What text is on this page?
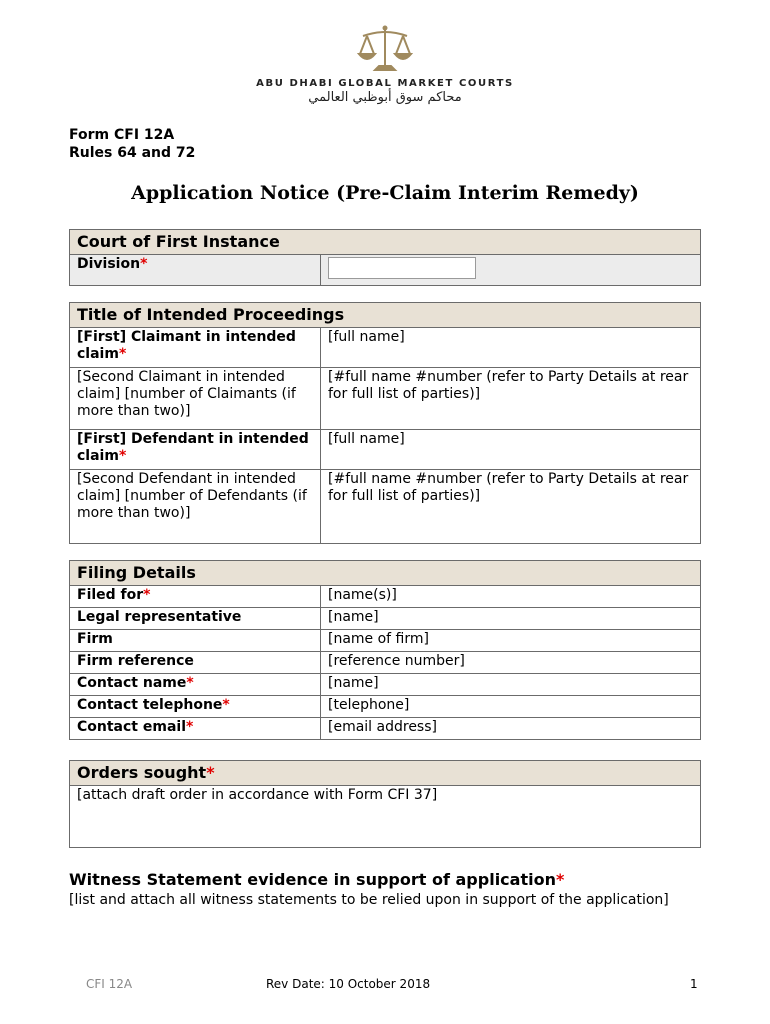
ABU DHABI GLOBAL MARKET COURTS
محاكم سوق أبوظبي العالمي
Form CFI 12A
Rules 64 and 72
Application Notice (Pre-Claim Interim Remedy)
Court of First Instance
Division*	
Title of Intended Proceedings	
[First] Claimant in intended claim*	[full name]
[Second Claimant in intended claim] [number of Claimants (if more than two)]	[#full name #number (refer to Party Details at rear for full list of parties)]
[First] Defendant in intended claim*	[full name]
[Second Defendant in intended claim] [number of Defendants (if more than two)]	[#full name #number (refer to Party Details at rear for full list of parties)]
Filing Details	
Filed for*	[name(s)]
Legal representative	[name]
Firm	[name of firm]
Firm reference	[reference number]
Contact name*	[name]
Contact telephone*	[telephone]
Contact email*	[email address]
Orders sought*
[attach draft order in accordance with Form CFI 37]
Witness Statement evidence in support of application*
[list and attach all witness statements to be relied upon in support of the application]
CFI 12A	Rev Date: 10 October 2018	1
